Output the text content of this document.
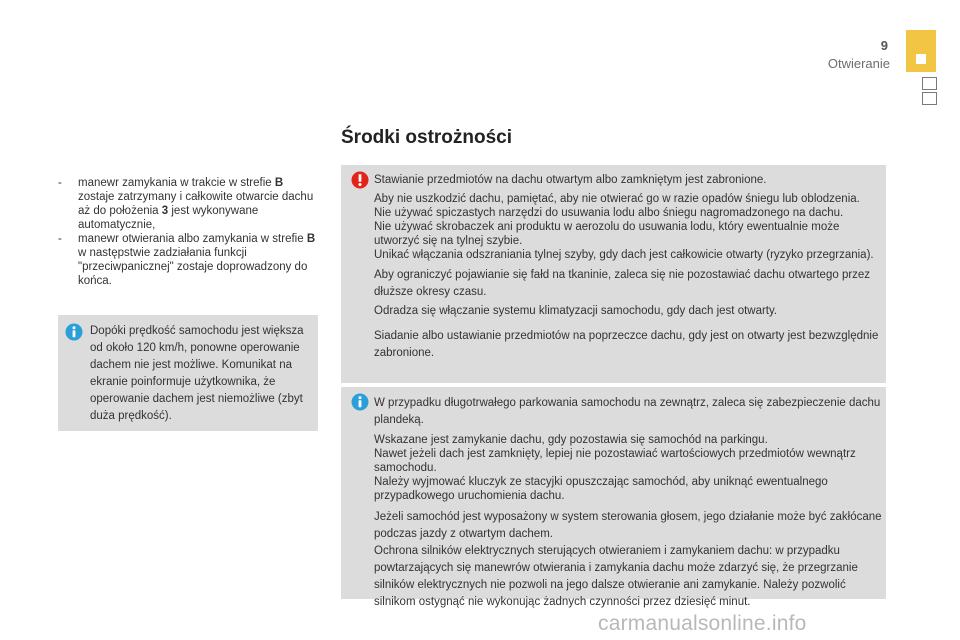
9
Otwieranie
- manewr zamykania w trakcie w strefie B zostaje zatrzymany i całkowite otwarcie dachu aż do położenia 3 jest wykonywane automatycznie,
- manewr otwierania albo zamykania w strefie B w następstwie zadziałania funkcji "przeciwpanicznej" zostaje doprowadzony do końca.
Dopóki prędkość samochodu jest większa od około 120 km/h, ponowne operowanie dachem nie jest możliwe. Komunikat na ekranie poinformuje użytkownika, że operowanie dachem jest niemożliwe (zbyt duża prędkość).
Środki ostrożności

Stawianie przedmiotów na dachu otwartym albo zamkniętym jest zabronione.

Aby nie uszkodzić dachu, pamiętać, aby nie otwierać go w razie opadów śniegu lub oblodzenia.
Nie używać spiczastych narzędzi do usuwania lodu albo śniegu nagromadzonego na dachu.
Nie używać skrobaczek ani produktu w aerozolu do usuwania lodu, który ewentualnie może utworzyć się na tylnej szybie.
Unikać włączania odszraniania tylnej szyby, gdy dach jest całkowicie otwarty (ryzyko przegrzania).

Aby ograniczyć pojawianie się fałd na tkaninie, zaleca się nie pozostawiać dachu otwartego przez dłuższe okresy czasu.

Odradza się włączanie systemu klimatyzacji samochodu, gdy dach jest otwarty.

Siadanie albo ustawianie przedmiotów na poprzeczce dachu, gdy jest on otwarty jest bezwzględnie zabronione.

W przypadku długotrwałego parkowania samochodu na zewnątrz, zaleca się zabezpieczenie dachu plandeką.

Wskazane jest zamykanie dachu, gdy pozostawia się samochód na parkingu.
Nawet jeżeli dach jest zamknięty, lepiej nie pozostawiać wartościowych przedmiotów wewnątrz samochodu.
Należy wyjmować kluczyk ze stacyjki opuszczając samochód, aby uniknąć ewentualnego przypadkowego uruchomienia dachu.

Jeżeli samochód jest wyposażony w system sterowania głosem, jego działanie może być zakłócane podczas jazdy z otwartym dachem.

Ochrona silników elektrycznych sterujących otwieraniem i zamykaniem dachu: w przypadku powtarzających się manewrów otwierania i zamykania dachu może zdarzyć się, że przegrzanie silników elektrycznych nie pozwoli na jego dalsze otwieranie ani zamykanie. Należy pozwolić silnikom ostygnąć nie wykonując żadnych czynności przez dziesięć minut.

carmanualsonline.info
